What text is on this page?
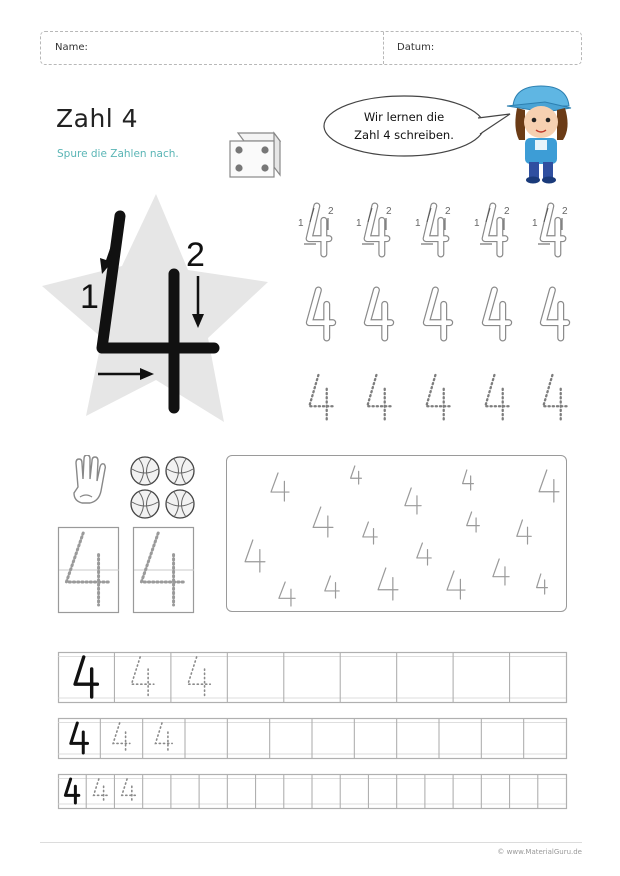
Name:	Datum:
Zahl 4
Spure die Zahlen nach.
Wir lernen die
Zahl 4 schreiben.
1
2
1
2
1
2
1
2
1
2
1
2
© www.MaterialGuru.de
